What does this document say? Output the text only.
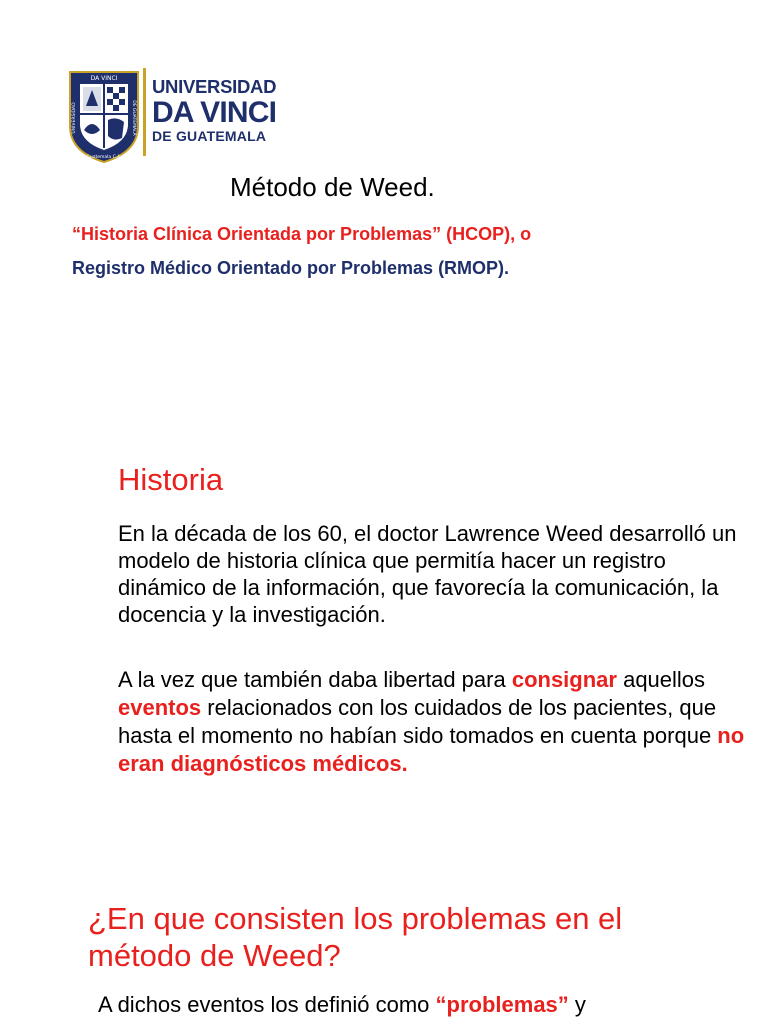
DA VINCI
Guatemala C.A.
UNIVERSIDAD	DE GUATEMALA
UNIVERSIDAD
DA VINCI
DE GUATEMALA
Método de Weed.
“Historia Clínica Orientada por Problemas” (HCOP), o
Registro Médico Orientado por Problemas (RMOP).
Historia
En la década de los 60, el doctor Lawrence Weed desarrolló un modelo de historia clínica que permitía hacer un registro dinámico de la información, que favorecía la comunicación, la docencia y la investigación.
A la vez que también daba libertad para consignar aquellos eventos relacionados con los cuidados de los pacientes, que hasta el momento no habían sido tomados en cuenta porque no eran diagnósticos médicos.
¿En que consisten los problemas en el método de Weed?
A dichos eventos los definió como “problemas” y
